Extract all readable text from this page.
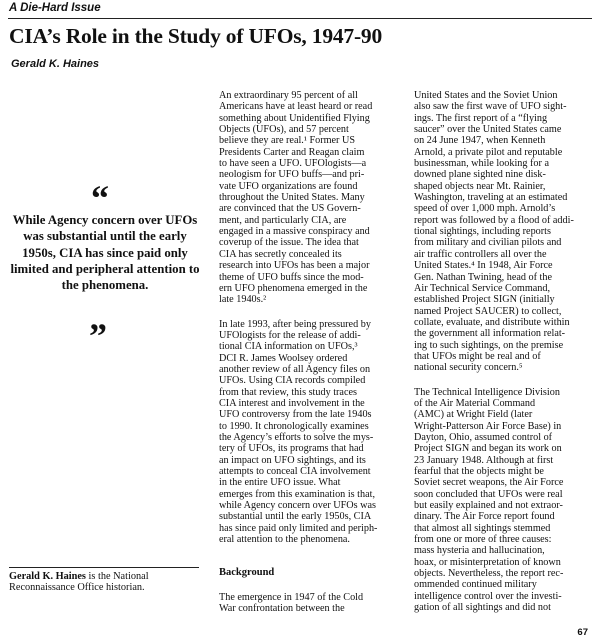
A Die-Hard Issue
CIA’s Role in the Study of UFOs, 1947-90
Gerald K. Haines
“
While Agency concern over UFOs was substantial until the early 1950s, CIA has since paid only limited and peripheral attention to the phenomena.
”
Gerald K. Haines is the National Reconnaissance Office historian.

An extraordinary 95 percent of all
Americans have at least heard or read
something about Unidentified Flying
Objects (UFOs), and 57 percent
believe they are real.¹ Former US
Presidents Carter and Reagan claim
to have seen a UFO. UFOlogists—a
neologism for UFO buffs—and pri-
vate UFO organizations are found
throughout the United States. Many
are convinced that the US Govern-
ment, and particularly CIA, are
engaged in a massive conspiracy and
coverup of the issue. The idea that
CIA has secretly concealed its
research into UFOs has been a major
theme of UFO buffs since the mod-
ern UFO phenomena emerged in the
late 1940s.²

In late 1993, after being pressured by
UFOlogists for the release of addi-
tional CIA information on UFOs,³
DCI R. James Woolsey ordered
another review of all Agency files on
UFOs. Using CIA records compiled
from that review, this study traces
CIA interest and involvement in the
UFO controversy from the late 1940s
to 1990. It chronologically examines
the Agency’s efforts to solve the mys-
tery of UFOs, its programs that had
an impact on UFO sightings, and its
attempts to conceal CIA involvement
in the entire UFO issue. What
emerges from this examination is that,
while Agency concern over UFOs was
substantial until the early 1950s, CIA
has since paid only limited and periph-
eral attention to the phenomena.

Background

The emergence in 1947 of the Cold
War confrontation between the

United States and the Soviet Union
also saw the first wave of UFO sight-
ings. The first report of a “flying
saucer” over the United States came
on 24 June 1947, when Kenneth
Arnold, a private pilot and reputable
businessman, while looking for a
downed plane sighted nine disk-
shaped objects near Mt. Rainier,
Washington, traveling at an estimated
speed of over 1,000 mph. Arnold’s
report was followed by a flood of addi-
tional sightings, including reports
from military and civilian pilots and
air traffic controllers all over the
United States.⁴ In 1948, Air Force
Gen. Nathan Twining, head of the
Air Technical Service Command,
established Project SIGN (initially
named Project SAUCER) to collect,
collate, evaluate, and distribute within
the government all information relat-
ing to such sightings, on the premise
that UFOs might be real and of
national security concern.⁵

The Technical Intelligence Division
of the Air Material Command
(AMC) at Wright Field (later
Wright-Patterson Air Force Base) in
Dayton, Ohio, assumed control of
Project SIGN and began its work on
23 January 1948. Although at first
fearful that the objects might be
Soviet secret weapons, the Air Force
soon concluded that UFOs were real
but easily explained and not extraor-
dinary. The Air Force report found
that almost all sightings stemmed
from one or more of three causes:
mass hysteria and hallucination,
hoax, or misinterpretation of known
objects. Nevertheless, the report rec-
ommended continued military
intelligence control over the investi-
gation of all sightings and did not

67
